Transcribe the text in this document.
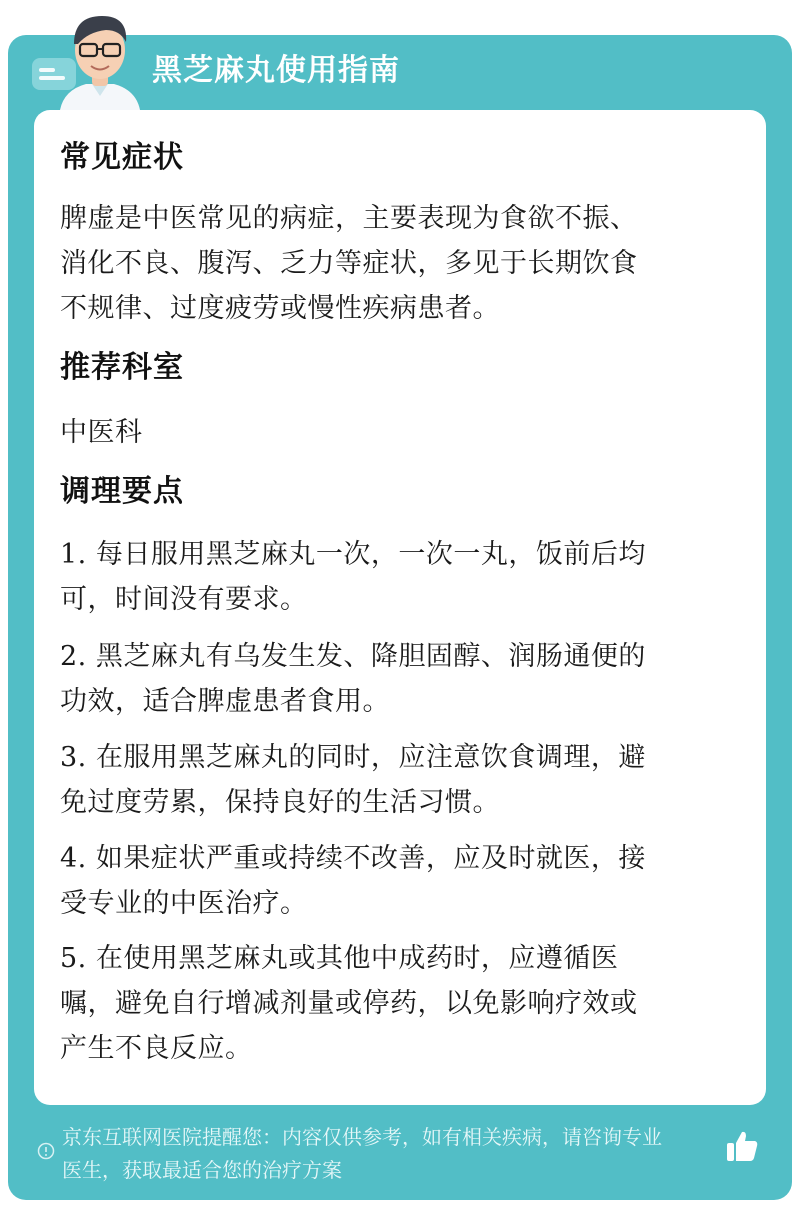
黑芝麻丸使用指南
常见症状
脾虚是中医常见的病症，主要表现为食欲不振、
消化不良、腹泻、乏力等症状，多见于长期饮食
不规律、过度疲劳或慢性疾病患者。
推荐科室
中医科
调理要点
1. 每日服用黑芝麻丸一次，一次一丸，饭前后均
可，时间没有要求。
2. 黑芝麻丸有乌发生发、降胆固醇、润肠通便的
功效，适合脾虚患者食用。
3. 在服用黑芝麻丸的同时，应注意饮食调理，避
免过度劳累，保持良好的生活习惯。
4. 如果症状严重或持续不改善，应及时就医，接
受专业的中医治疗。
5. 在使用黑芝麻丸或其他中成药时，应遵循医
嘱，避免自行增减剂量或停药，以免影响疗效或
产生不良反应。
京东互联网医院提醒您：内容仅供参考，如有相关疾病，请咨询专业
医生，获取最适合您的治疗方案
